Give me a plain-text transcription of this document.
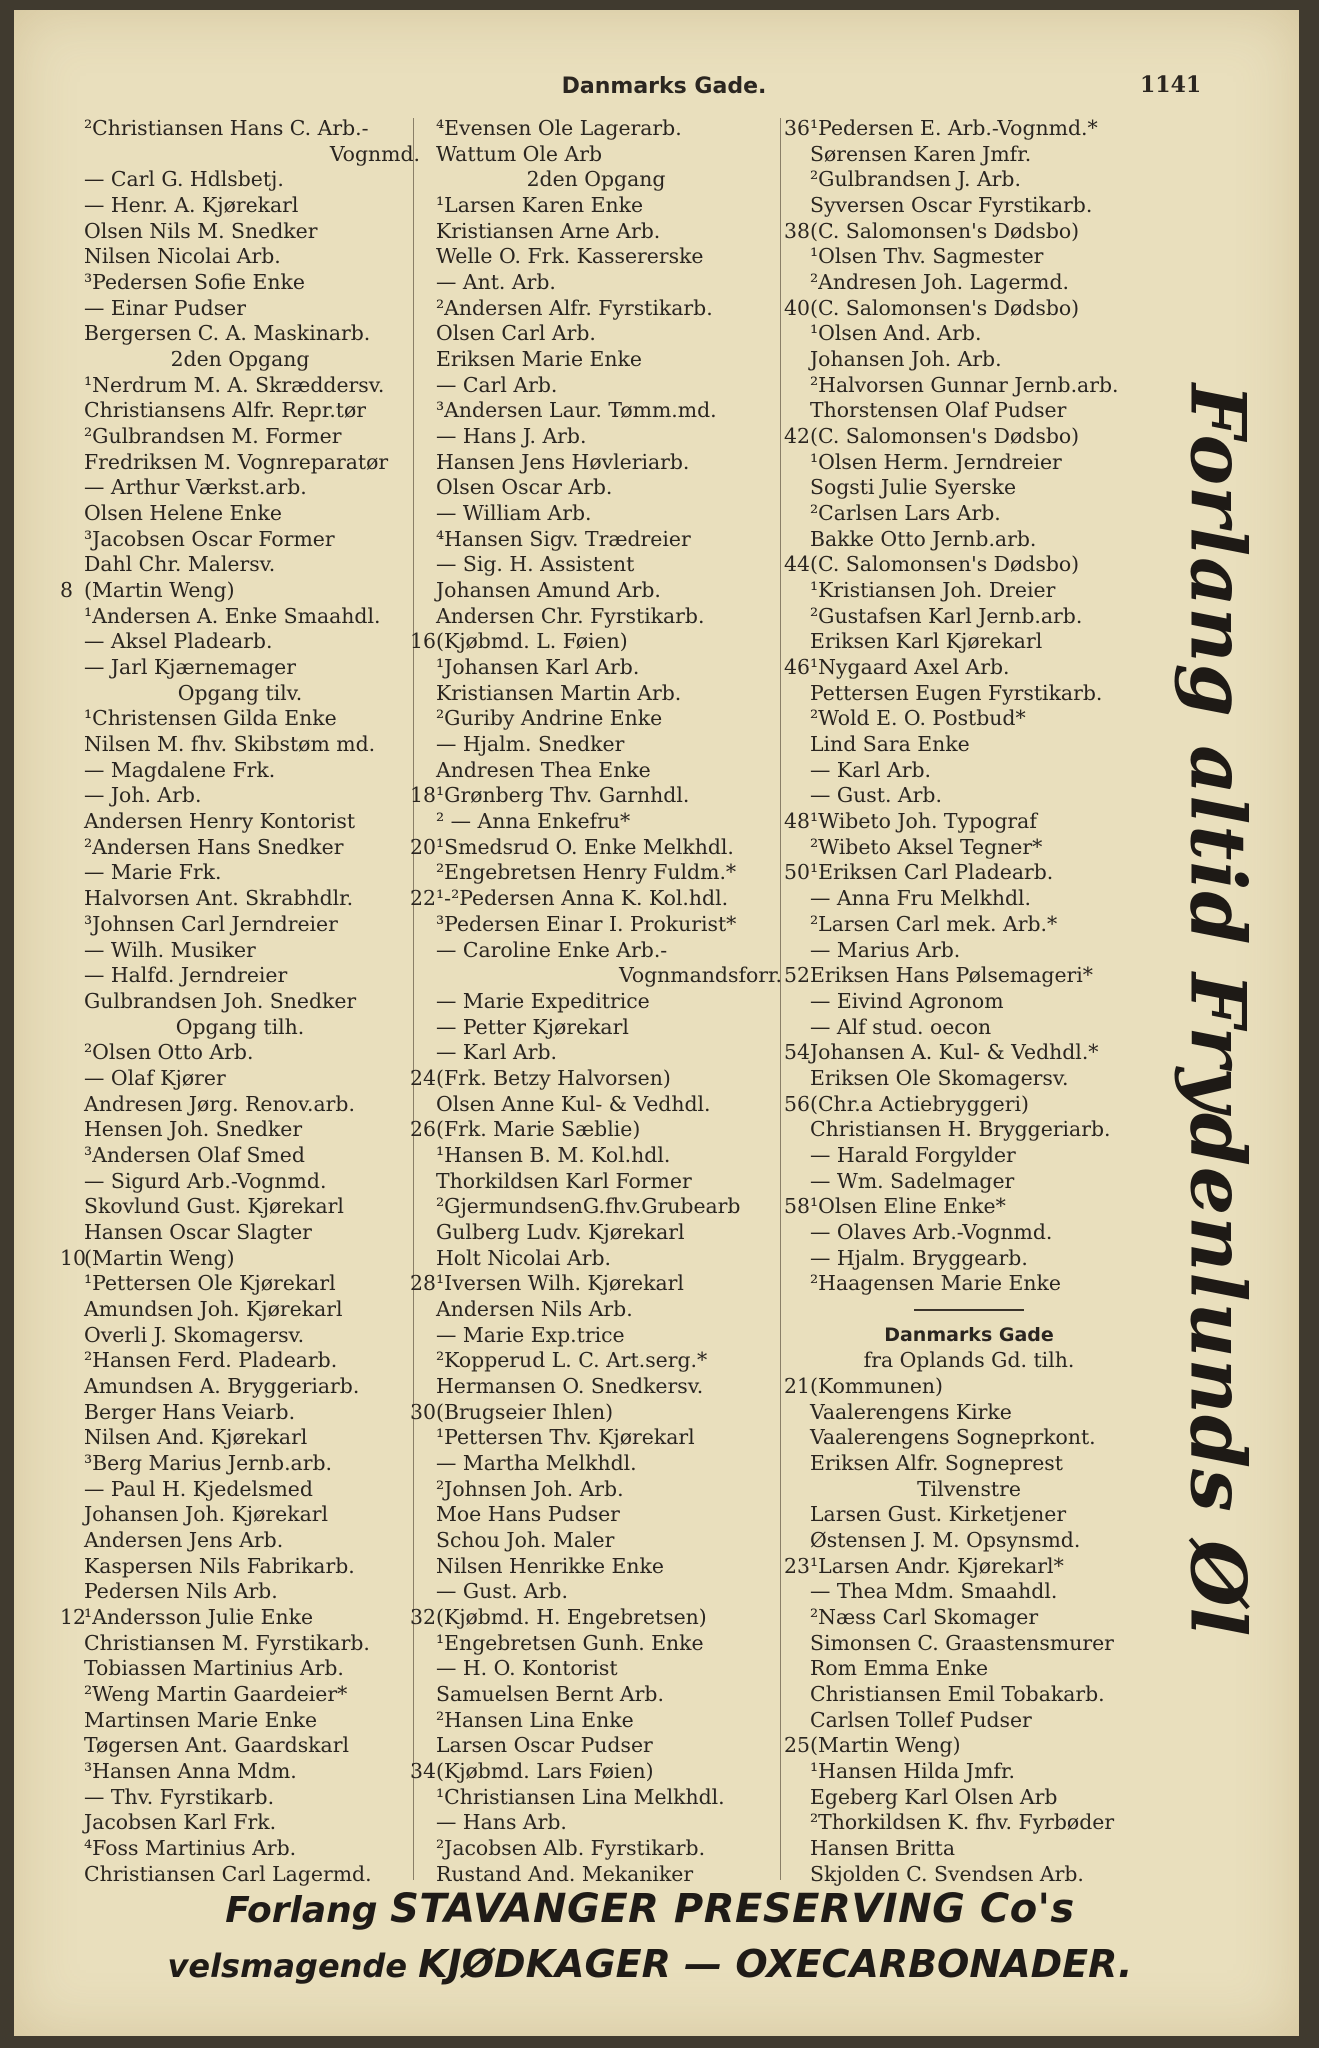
Danmarks Gade.	1141
²Christiansen Hans C. Arb.-
Vognmd.
— Carl G. Hdlsbetj.
— Henr. A. Kjørekarl
Olsen Nils M. Snedker
Nilsen Nicolai Arb.
³Pedersen Sofie Enke
— Einar Pudser
Bergersen C. A. Maskinarb.
2den Opgang
¹Nerdrum M. A. Skræddersv.
Christiansens Alfr. Repr.tør
²Gulbrandsen M. Former
Fredriksen M. Vognreparatør
— Arthur Værkst.arb.
Olsen Helene Enke
³Jacobsen Oscar Former
Dahl Chr. Malersv.
8 (Martin Weng)
¹Andersen A. Enke Smaahdl.
— Aksel Pladearb.
— Jarl Kjærnemager
Opgang tilv.
¹Christensen Gilda Enke
Nilsen M. fhv. Skibstøm md.
— Magdalene Frk.
— Joh. Arb.
Andersen Henry Kontorist
²Andersen Hans Snedker
— Marie Frk.
Halvorsen Ant. Skrabhdlr.
³Johnsen Carl Jerndreier
— Wilh. Musiker
— Halfd. Jerndreier
Gulbrandsen Joh. Snedker
Opgang tilh.
²Olsen Otto Arb.
— Olaf Kjører
Andresen Jørg. Renov.arb.
Hensen Joh. Snedker
³Andersen Olaf Smed
— Sigurd Arb.-Vognmd.
Skovlund Gust. Kjørekarl
Hansen Oscar Slagter
10
(Martin Weng)
¹Pettersen Ole Kjørekarl
Amundsen Joh. Kjørekarl
Overli J. Skomagersv.
²Hansen Ferd. Pladearb.
Amundsen A. Bryggeriarb.
Berger Hans Veiarb.
Nilsen And. Kjørekarl
³Berg Marius Jernb.arb.
— Paul H. Kjedelsmed
Johansen Joh. Kjørekarl
Andersen Jens Arb.
Kaspersen Nils Fabrikarb.
Pedersen Nils Arb.
12
¹Andersson Julie Enke
Christiansen M. Fyrstikarb.
Tobiassen Martinius Arb.
²Weng Martin Gaardeier*
Martinsen Marie Enke
Tøgersen Ant. Gaardskarl
³Hansen Anna Mdm.
— Thv. Fyrstikarb.
Jacobsen Karl Frk.
⁴Foss Martinius Arb.
Christiansen Carl Lagermd.
⁴Evensen Ole Lagerarb.
Wattum Ole Arb
2den Opgang
¹Larsen Karen Enke
Kristiansen Arne Arb.
Welle O. Frk. Kassererske
— Ant. Arb.
²Andersen Alfr. Fyrstikarb.
Olsen Carl Arb.
Eriksen Marie Enke
— Carl Arb.
³Andersen Laur. Tømm.md.
— Hans J. Arb.
Hansen Jens Høvleriarb.
Olsen Oscar Arb.
— William Arb.
⁴Hansen Sigv. Trædreier
— Sig. H. Assistent
Johansen Amund Arb.
Andersen Chr. Fyrstikarb.
16 (Kjøbmd. L. Føien)
¹Johansen Karl Arb.
Kristiansen Martin Arb.
²Guriby Andrine Enke
— Hjalm. Snedker
Andresen Thea Enke
18 ¹Grønberg Thv. Garnhdl.
² — Anna Enkefru*
20 ¹Smedsrud O. Enke Melkhdl.
²Engebretsen Henry Fuldm.*
22 ¹-²Pedersen Anna K. Kol.hdl.
³Pedersen Einar I. Prokurist*
— Caroline Enke Arb.-
Vognmandsforr.
— Marie Expeditrice
— Petter Kjørekarl
— Karl Arb.
24 (Frk. Betzy Halvorsen)
Olsen Anne Kul- & Vedhdl.
26 (Frk. Marie Sæblie)
¹Hansen B. M. Kol.hdl.
Thorkildsen Karl Former
²GjermundsenG.fhv.Grubearb
Gulberg Ludv. Kjørekarl
Holt Nicolai Arb.
28 ¹Iversen Wilh. Kjørekarl
Andersen Nils Arb.
— Marie Exp.trice
²Kopperud L. C. Art.serg.*
Hermansen O. Snedkersv.
30 (Brugseier Ihlen)
¹Pettersen Thv. Kjørekarl
— Martha Melkhdl.
²Johnsen Joh. Arb.
Moe Hans Pudser
Schou Joh. Maler
Nilsen Henrikke Enke
— Gust. Arb.
32 (Kjøbmd. H. Engebretsen)
¹Engebretsen Gunh. Enke
— H. O. Kontorist
Samuelsen Bernt Arb.
²Hansen Lina Enke
Larsen Oscar Pudser
34 (Kjøbmd. Lars Føien)
¹Christiansen Lina Melkhdl.
— Hans Arb.
²Jacobsen Alb. Fyrstikarb.
Rustand And. Mekaniker
36 ¹Pedersen E. Arb.-Vognmd.*
Sørensen Karen Jmfr.
²Gulbrandsen J. Arb.
Syversen Oscar Fyrstikarb.
38 (C. Salomonsen's Dødsbo)
¹Olsen Thv. Sagmester
²Andresen Joh. Lagermd.
40 (C. Salomonsen's Dødsbo)
¹Olsen And. Arb.
Johansen Joh. Arb.
²Halvorsen Gunnar Jernb.arb.
Thorstensen Olaf Pudser
42 (C. Salomonsen's Dødsbo)
¹Olsen Herm. Jerndreier
Sogsti Julie Syerske
²Carlsen Lars Arb.
Bakke Otto Jernb.arb.
44 (C. Salomonsen's Dødsbo)
¹Kristiansen Joh. Dreier
²Gustafsen Karl Jernb.arb.
Eriksen Karl Kjørekarl
46 ¹Nygaard Axel Arb.
Pettersen Eugen Fyrstikarb.
²Wold E. O. Postbud*
Lind Sara Enke
— Karl Arb.
— Gust. Arb.
48 ¹Wibeto Joh. Typograf
²Wibeto Aksel Tegner*
50 ¹Eriksen Carl Pladearb.
— Anna Fru Melkhdl.
²Larsen Carl mek. Arb.*
— Marius Arb.
52 Eriksen Hans Pølsemageri*
— Eivind Agronom
— Alf stud. oecon
54 Johansen A. Kul- & Vedhdl.*
Eriksen Ole Skomagersv.
56 (Chr.a Actiebryggeri)
Christiansen H. Bryggeriarb.
— Harald Forgylder
— Wm. Sadelmager
58 ¹Olsen Eline Enke*
— Olaves Arb.-Vognmd.
— Hjalm. Bryggearb.
²Haagensen Marie Enke
Danmarks Gade
fra Oplands Gd. tilh.
21 (Kommunen)
Vaalerengens Kirke
Vaalerengens Sogneprkont.
Eriksen Alfr. Sogneprest
Tilvenstre
Larsen Gust. Kirketjener
Østensen J. M. Opsynsmd.
23 ¹Larsen Andr. Kjørekarl*
— Thea Mdm. Smaahdl.
²Næss Carl Skomager
Simonsen C. Graastensmurer
Rom Emma Enke
Christiansen Emil Tobakarb.
Carlsen Tollef Pudser
25 (Martin Weng)
¹Hansen Hilda Jmfr.
Egeberg Karl Olsen Arb
²Thorkildsen K. fhv. Fyrbøder
Hansen Britta
Skjolden C. Svendsen Arb.
Forlang altid Frydenlunds Øl
Forlang STAVANGER PRESERVING Co's
velsmagende KJØDKAGER — OXECARBONADER.
